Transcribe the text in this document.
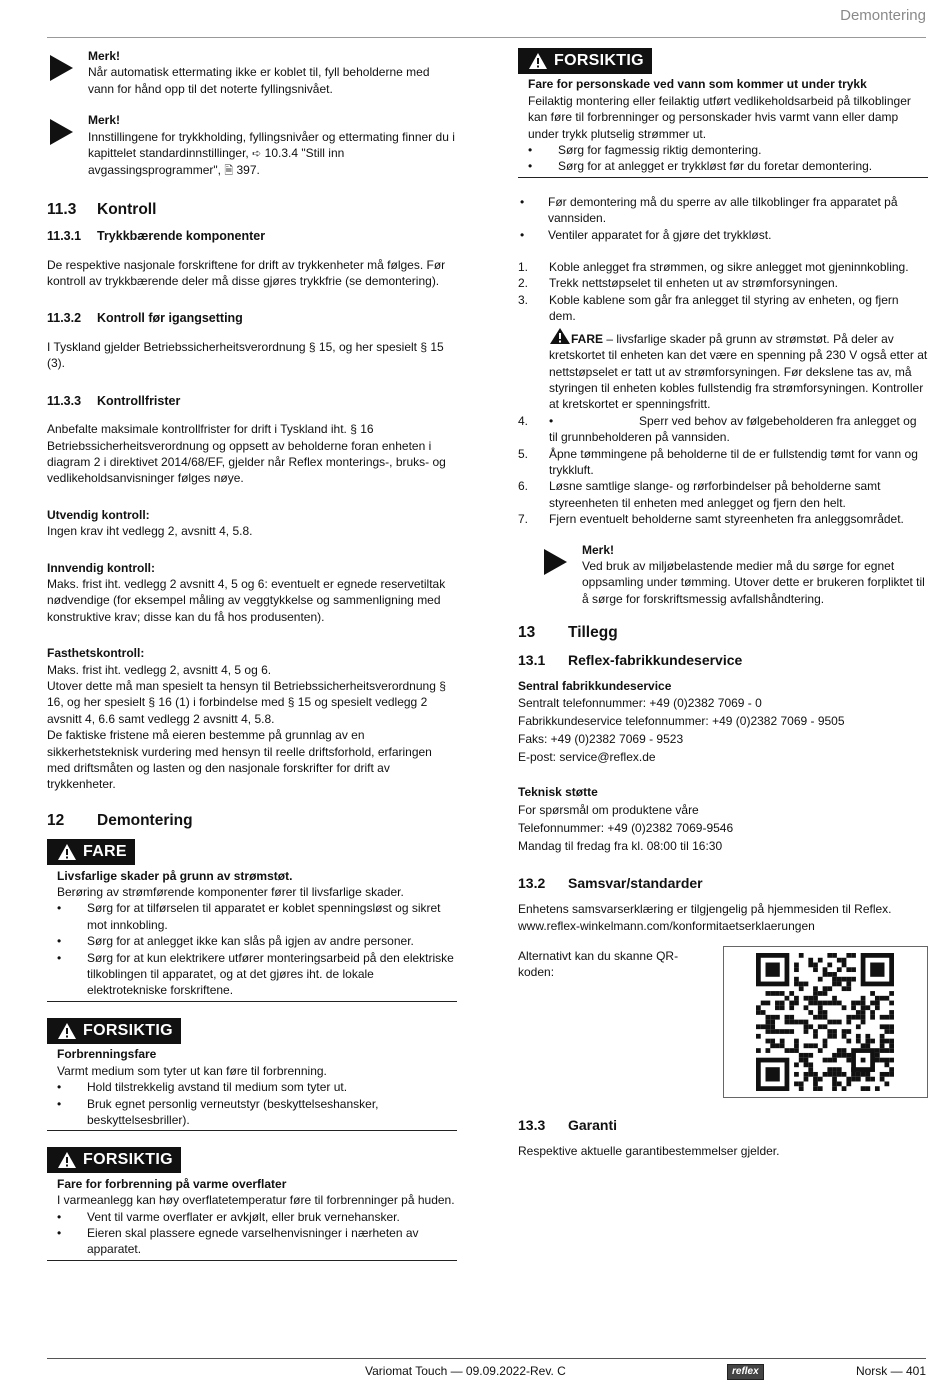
Demontering
Merk!
Når automatisk ettermating ikke er koblet til, fyll beholderne med vann for hånd opp til det noterte fyllingsnivået.
Merk!
Innstillingene for trykkholding, fyllingsnivåer og ettermating finner du i kapittelet standardinnstillinger, ➪ 10.3.4 "Still inn avgassingsprogrammer", 🗎 397.
11.3 Kontroll
11.3.1 Trykkbærende komponenter

De respektive nasjonale forskriftene for drift av trykkenheter må følges. Før kontroll av trykkbærende deler må disse gjøres trykkfrie (se demontering).

11.3.2 Kontroll før igangsetting

I Tyskland gjelder Betriebssicherheitsverordnung § 15, og her spesielt § 15 (3).

11.3.3 Kontrollfrister

Anbefalte maksimale kontrollfrister for drift i Tyskland iht. § 16 Betriebssicherheitsverordnung og oppsett av beholderne foran enheten i diagram 2 i direktivet 2014/68/EF, gjelder når Reflex monterings-, bruks- og vedlikeholdsanvisninger følges nøye.

Utvendig kontroll:

Ingen krav iht vedlegg 2, avsnitt 4, 5.8.

Innvendig kontroll:

Maks. frist iht. vedlegg 2 avsnitt 4, 5 og 6: eventuelt er egnede reservetiltak nødvendige (for eksempel måling av veggtykkelse og sammenligning med konstruktive krav; disse kan du få hos produsenten).

Fasthetskontroll:

Maks. frist iht. vedlegg 2, avsnitt 4, 5 og 6.

Utover dette må man spesielt ta hensyn til Betriebssicherheitsverordnung § 16, og her spesielt § 16 (1) i forbindelse med § 15 og spesielt vedlegg 2 avsnitt 4, 6.6 samt vedlegg 2 avsnitt 4, 5.8.

De faktiske fristene må eieren bestemme på grunnlag av en sikkerhetsteknisk vurdering med hensyn til reelle driftsforhold, erfaringen med driftsmåten og lasten og den nasjonale forskrifter for drift av trykkenheter.

12 Demontering
FARE
Livsfarlige skader på grunn av strømstøt.
Berøring av strømførende komponenter fører til livsfarlige skader.
• Sørg for at tilførselen til apparatet er koblet spenningsløst og sikret mot innkobling.
• Sørg for at anlegget ikke kan slås på igjen av andre personer.
• Sørg for at kun elektrikere utfører monteringsarbeid på den elektriske tilkoblingen til apparatet, og at det gjøres iht. de lokale elektrotekniske forskriftene.
FORSIKTIG
Forbrenningsfare
Varmt medium som tyter ut kan føre til forbrenning.
• Hold tilstrekkelig avstand til medium som tyter ut.
• Bruk egnet personlig verneutstyr (beskyttelseshansker, beskyttelsesbriller).
FORSIKTIG
Fare for forbrenning på varme overflater
I varmeanlegg kan høy overflatetemperatur føre til forbrenninger på huden.
• Vent til varme overflater er avkjølt, eller bruk vernehansker.
• Eieren skal plassere egnede varselhenvisninger i nærheten av apparatet.
FORSIKTIG
Fare for personskade ved vann som kommer ut under trykk
Feilaktig montering eller feilaktig utført vedlikeholdsarbeid på tilkoblinger kan føre til forbrenninger og personskader hvis varmt vann eller damp under trykk plutselig strømmer ut.
• Sørg for fagmessig riktig demontering.
• Sørg for at anlegget er trykkløst før du foretar demontering.
• Før demontering må du sperre av alle tilkoblinger fra apparatet på vannsiden.
• Ventiler apparatet for å gjøre det trykkløst.
1. Koble anlegget fra strømmen, og sikre anlegget mot gjeninnkobling.
2. Trekk nettstøpselet til enheten ut av strømforsyningen.
3. Koble kablene som går fra anlegget til styring av enheten, og fjern dem.
FARE – livsfarlige skader på grunn av strømstøt. På deler av kretskortet til enheten kan det være en spenning på 230 V også etter at nettstøpselet er tatt ut av strømforsyningen. Før dekslene tas av, må styringen til enheten kobles fullstendig fra strømforsyningen. Kontroller at kretskortet er spenningsfritt.
4. •	Sperr ved behov av følgebeholderen fra anlegget og til grunnbeholderen på vannsiden.
5. Åpne tømmingene på beholderne til de er fullstendig tømt for vann og trykkluft.
6. Løsne samtlige slange- og rørforbindelser på beholderne samt styreenheten til enheten med anlegget og fjern den helt.
7. Fjern eventuelt beholderne samt styreenheten fra anleggsområdet.
Merk!
Ved bruk av miljøbelastende medier må du sørge for egnet oppsamling under tømming. Utover dette er brukeren forpliktet til å sørge for forskriftsmessig avfallshåndtering.
13 Tillegg
13.1 Reflex-fabrikkundeservice
Sentral fabrikkundeservice
Sentralt telefonnummer: +49 (0)2382 7069 - 0
Fabrikkundeservice telefonnummer: +49 (0)2382 7069 - 9505
Faks: +49 (0)2382 7069 - 9523
E-post: service@reflex.de
Teknisk støtte
For spørsmål om produktene våre
Telefonnummer: +49 (0)2382 7069-9546
Mandag til fredag fra kl. 08:00 til 16:30
13.2 Samsvar/standarder

Enhetens samsvarserklæring er tilgjengelig på hjemmesiden til Reflex.

www.reflex-winkelmann.com/konformitaetserklaerungen

Alternativt kan du skanne QR-koden:
13.3 Garanti

Respektive aktuelle garantibestemmelser gjelder.

Variomat Touch — 09.09.2022-Rev. C	reflex	Norsk — 401
